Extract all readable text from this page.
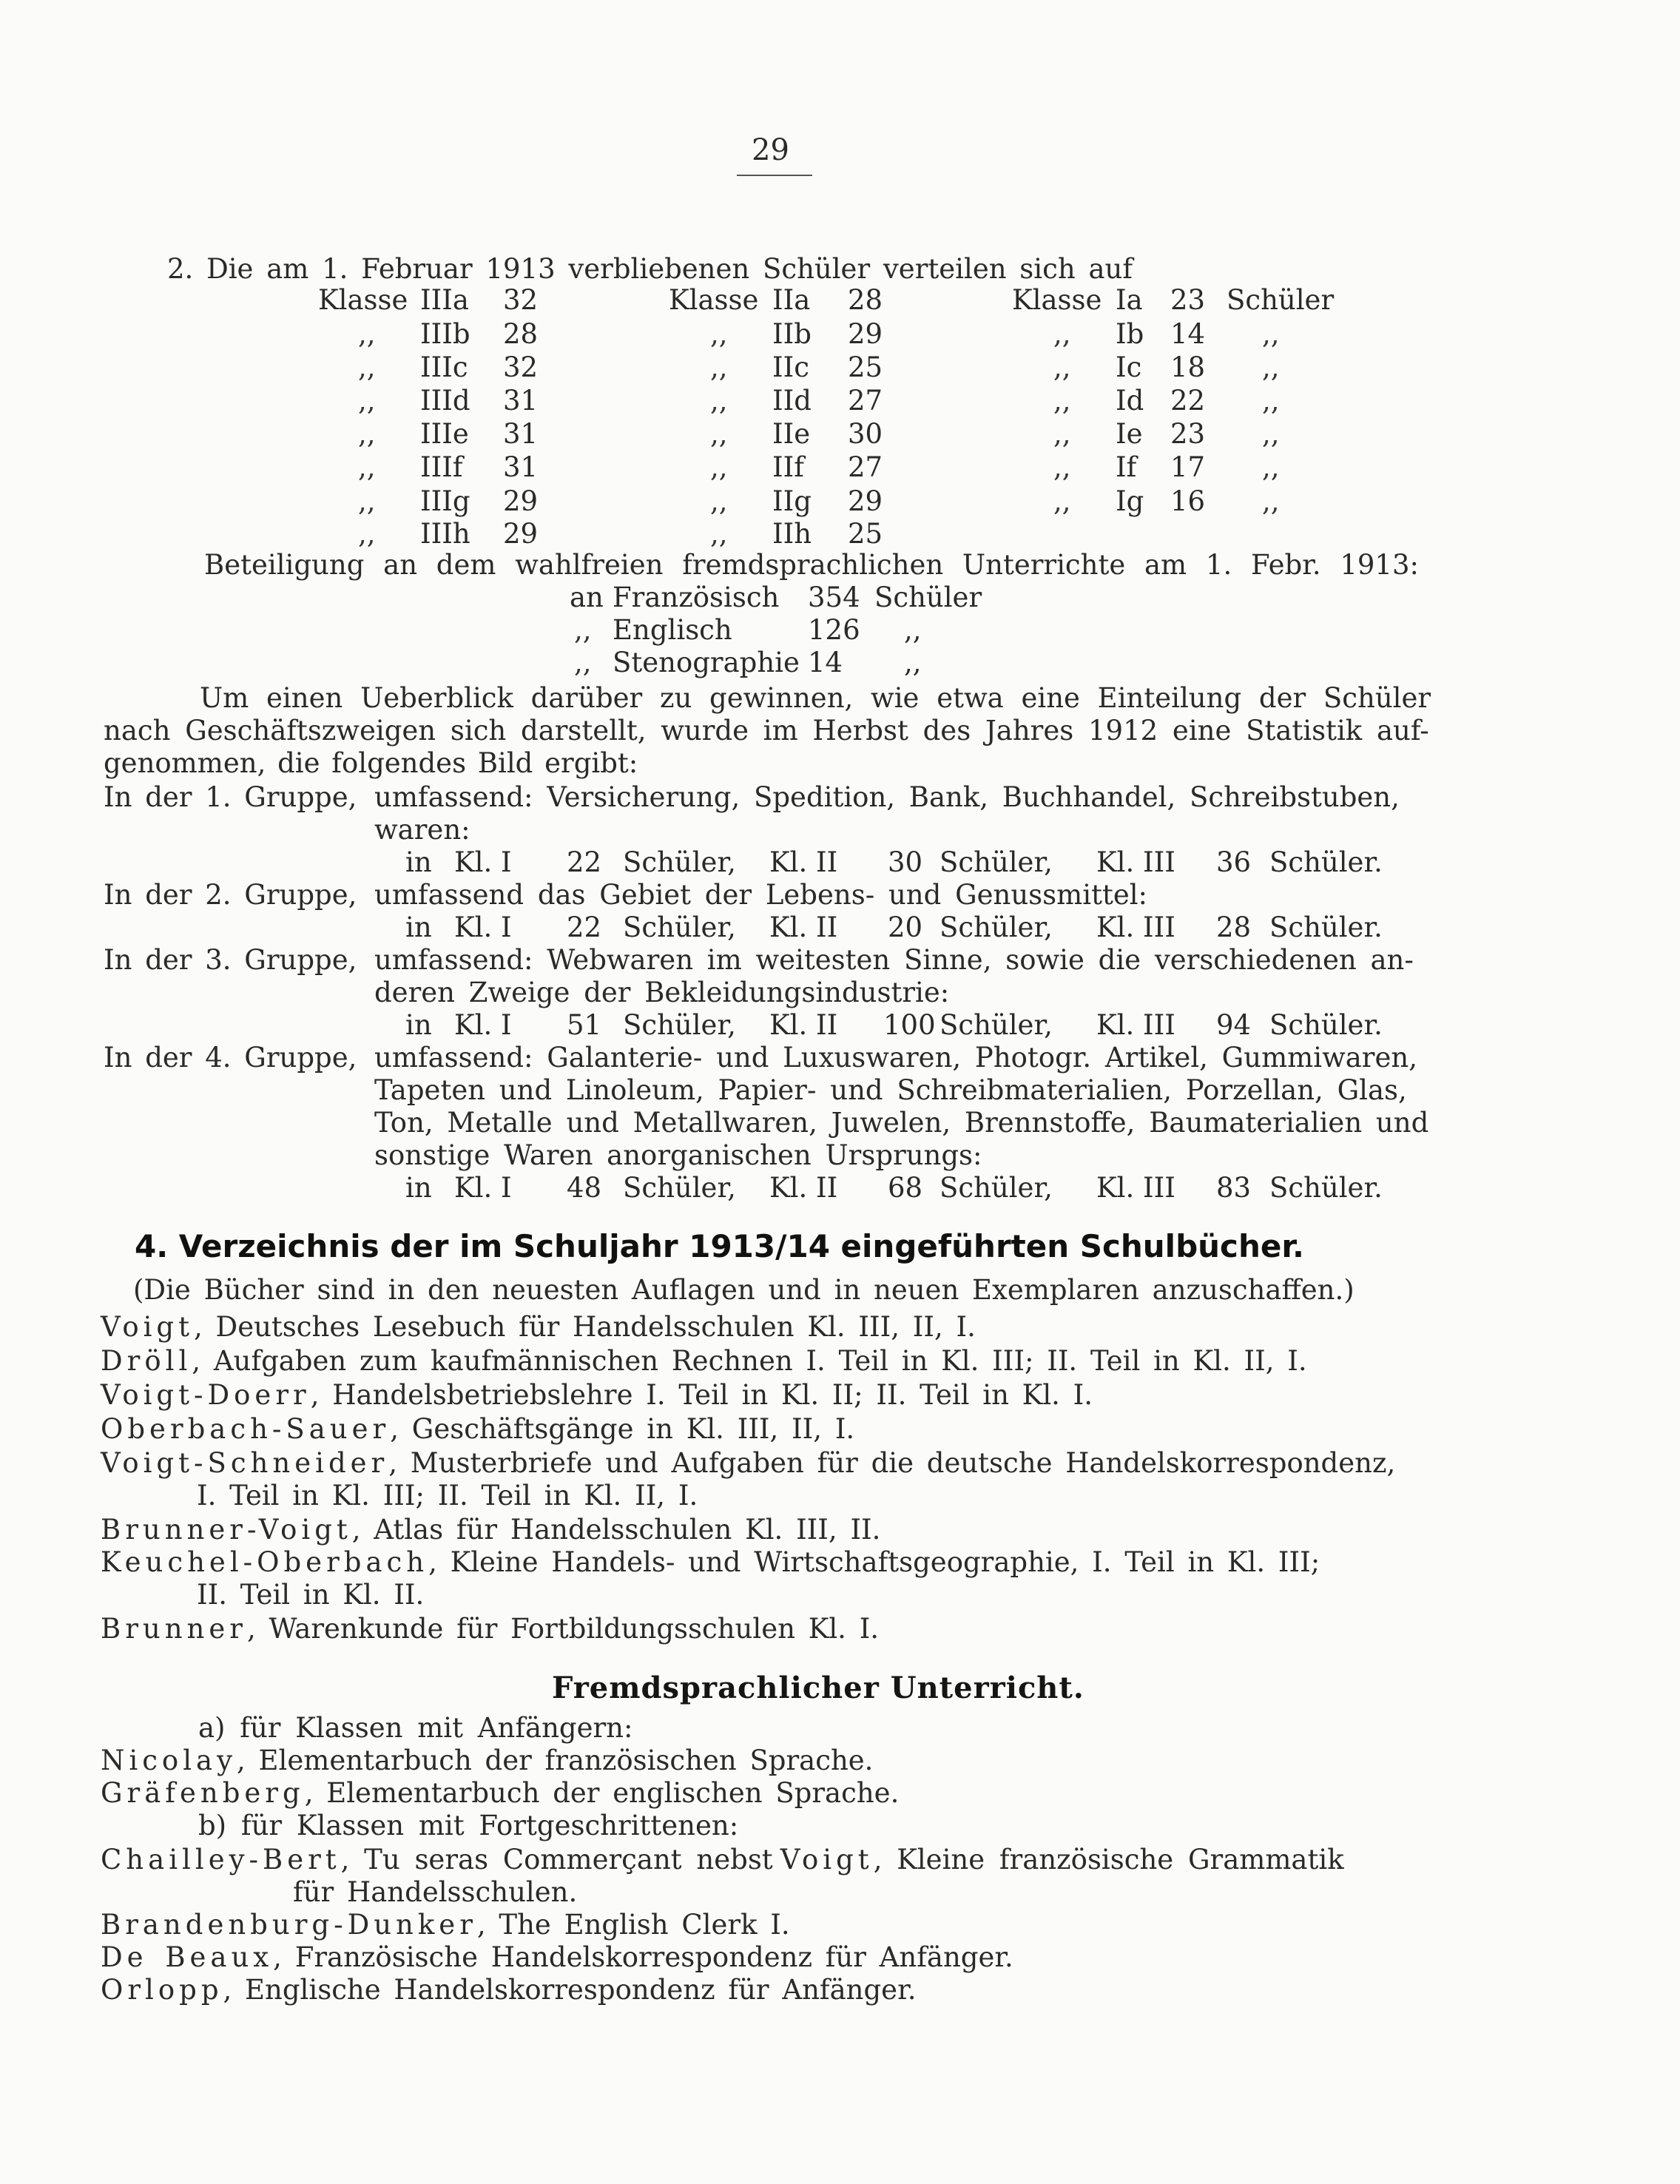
29
2. Die am 1. Februar 1913 verbliebenen Schüler verteilen sich auf
Klasse IIIa 32
,, IIIb 28
,, IIIc 32
,, IIId 31
,, IIIe 31
,, IIIf 31
,, IIIg 29
,, IIIh 29
Klasse IIa 28
,, IIb 29
,, IIc 25
,, IId 27
,, IIe 30
,, IIf 27
,, IIg 29
,, IIh 25
Klasse Ia 23 Schüler
,, Ib 14 ,,
,, Ic 18 ,,
,, Id 22 ,,
,, Ie 23 ,,
,, If 17 ,,
,, Ig 16 ,,
Beteiligung an dem wahlfreien fremdsprachlichen Unterrichte am 1. Febr. 1913:
an Französisch 354 Schüler
,, Englisch	126 ,,
,, Stenographie 14 ,,
Um einen Ueberblick darüber zu gewinnen, wie etwa eine Einteilung der Schüler
nach Geschäftszweigen sich darstellt, wurde im Herbst des Jahres 1912 eine Statistik auf-
genommen, die folgendes Bild ergibt:
In der 1. Gruppe, umfassend: Versicherung, Spedition, Bank, Buchhandel, Schreibstuben,
waren:
in Kl. I 22 Schüler, Kl. II 30 Schüler, Kl. III 36 Schüler.
In der 2. Gruppe, umfassend das Gebiet der Lebens- und Genussmittel:
in Kl. I 22 Schüler, Kl. II 20 Schüler, Kl. III 28 Schüler.
In der 3. Gruppe, umfassend: Webwaren im weitesten Sinne, sowie die verschiedenen an-
deren Zweige der Bekleidungsindustrie:
in Kl. I 51 Schüler, Kl. II 100 Schüler, Kl. III 94 Schüler.
In der 4. Gruppe, umfassend: Galanterie- und Luxuswaren, Photogr. Artikel, Gummiwaren,
Tapeten und Linoleum, Papier- und Schreibmaterialien, Porzellan, Glas,
Ton, Metalle und Metallwaren, Juwelen, Brennstoffe, Baumaterialien und
sonstige Waren anorganischen Ursprungs:
in Kl. I 48 Schüler, Kl. II 68 Schüler, Kl. III 83 Schüler.
4. Verzeichnis der im Schuljahr 1913/14 eingeführten Schulbücher.
(Die Bücher sind in den neuesten Auflagen und in neuen Exemplaren anzuschaffen.)
Voigt, Deutsches Lesebuch für Handelsschulen Kl. III, II, I.
Dröll, Aufgaben zum kaufmännischen Rechnen I. Teil in Kl. III; II. Teil in Kl. II, I.
Voigt-Doerr, Handelsbetriebslehre I. Teil in Kl. II; II. Teil in Kl. I.
Oberbach-Sauer, Geschäftsgänge in Kl. III, II, I.
Voigt-Schneider, Musterbriefe und Aufgaben für die deutsche Handelskorrespondenz,
I. Teil in Kl. III; II. Teil in Kl. II, I.
Brunner-Voigt, Atlas für Handelsschulen Kl. III, II.
Keuchel-Oberbach, Kleine Handels- und Wirtschaftsgeographie, I. Teil in Kl. III;
II. Teil in Kl. II.
Brunner, Warenkunde für Fortbildungsschulen Kl. I.
Fremdsprachlicher Unterricht.
a) für Klassen mit Anfängern:
Nicolay, Elementarbuch der französischen Sprache.
Gräfenberg, Elementarbuch der englischen Sprache.
b) für Klassen mit Fortgeschrittenen:
Chailley-Bert, Tu seras Commerçant nebst Voigt, Kleine französische Grammatik
für Handelsschulen.
Brandenburg-Dunker, The English Clerk I.
De Beaux, Französische Handelskorrespondenz für Anfänger.
Orlopp, Englische Handelskorrespondenz für Anfänger.
